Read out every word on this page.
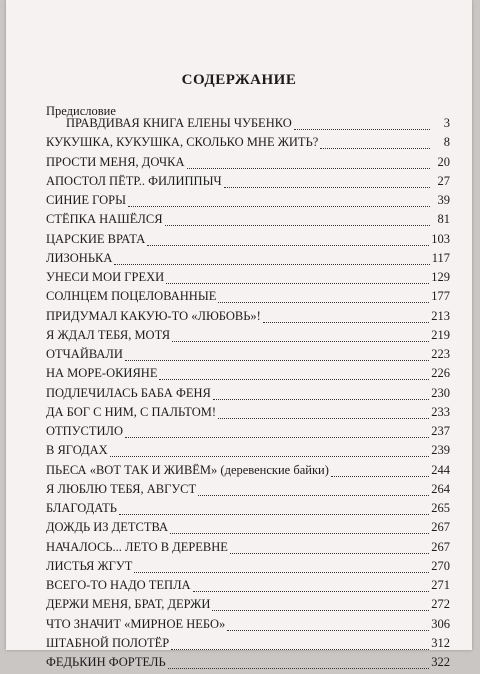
СОДЕРЖАНИЕ
Предисловие
ПРАВДИВАЯ КНИГА ЕЛЕНЫ ЧУБЕНКО	3
КУКУШКА, КУКУШКА, СКОЛЬКО МНЕ ЖИТЬ?	8
ПРОСТИ МЕНЯ, ДОЧКА	20
АПОСТОЛ ПЁТР.. ФИЛИППЫЧ	27
СИНИЕ ГОРЫ	39
СТЁПКА НАШЁЛСЯ	81
ЦАРСКИЕ ВРАТА	103
ЛИЗОНЬКА	117
УНЕСИ МОИ ГРЕХИ	129
СОЛНЦЕМ ПОЦЕЛОВАННЫЕ	177
ПРИДУМАЛ КАКУЮ-ТО «ЛЮБОВЬ»!	213
Я ЖДАЛ ТЕБЯ, МОТЯ	219
ОТЧАЙВАЛИ	223
НА МОРЕ-ОКИЯНЕ	226
ПОДЛЕЧИЛАСЬ БАБА ФЕНЯ	230
ДА БОГ С НИМ, С ПАЛЬТОМ!	233
ОТПУСТИЛО	237
В ЯГОДАХ	239
ПЬЕСА «ВОТ ТАК И ЖИВЁМ» (деревенские байки)	244
Я ЛЮБЛЮ ТЕБЯ, АВГУСТ	264
БЛАГОДАТЬ	265
ДОЖДЬ ИЗ ДЕТСТВА	267
НАЧАЛОСЬ... ЛЕТО В ДЕРЕВНЕ	267
ЛИСТЬЯ ЖГУТ	270
ВСЕГО-ТО НАДО ТЕПЛА	271
ДЕРЖИ МЕНЯ, БРАТ, ДЕРЖИ	272
ЧТО ЗНАЧИТ «МИРНОЕ НЕБО»	306
ШТАБНОЙ ПОЛОТЁР	312
ФЕДЬКИН ФОРТЕЛЬ	322
